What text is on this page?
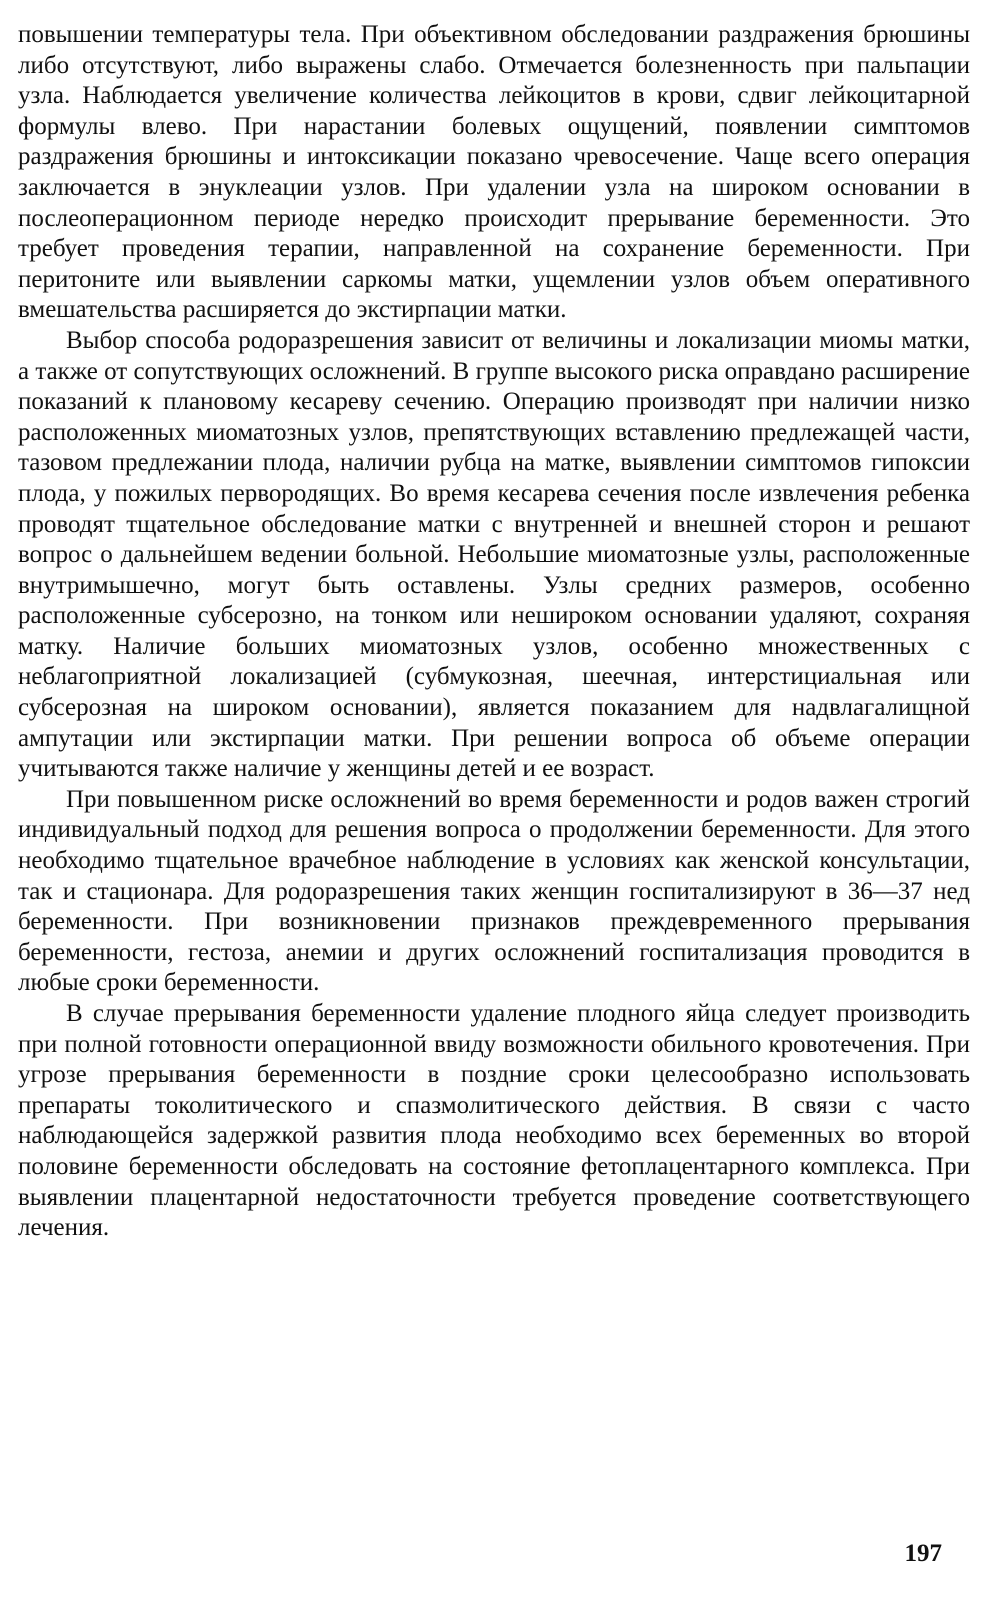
повышении температуры тела. При объективном обследовании раздражения брюшины либо отсутствуют, либо выражены слабо. Отмечается болезненность при пальпации узла. Наблюдается увеличение количества лейкоцитов в крови, сдвиг лейкоцитарной формулы влево. При нарастании болевых ощущений, появлении симптомов раздражения брюшины и интоксикации показано чревосечение. Чаще всего операция заключается в энуклеации узлов. При удалении узла на широком основании в послеоперационном периоде нередко происходит прерывание беременности. Это требует проведения терапии, направленной на сохранение беременности. При перитоните или выявлении саркомы матки, ущемлении узлов объем оперативного вмешательства расширяется до экстирпации матки.

Выбор способа родоразрешения зависит от величины и локализации миомы матки, а также от сопутствующих осложнений. В группе высокого риска оправдано расширение показаний к плановому кесареву сечению. Операцию производят при наличии низко расположенных миоматозных узлов, препятствующих вставлению предлежащей части, тазовом предлежании плода, наличии рубца на матке, выявлении симптомов гипоксии плода, у пожилых первородящих. Во время кесарева сечения после извлечения ребенка проводят тщательное обследование матки с внутренней и внешней сторон и решают вопрос о дальнейшем ведении больной. Небольшие миоматозные узлы, расположенные внутримышечно, могут быть оставлены. Узлы средних размеров, особенно расположенные субсерозно, на тонком или нешироком основании удаляют, сохраняя матку. Наличие больших миоматозных узлов, особенно множественных с неблагоприятной локализацией (субмукозная, шеечная, интерстициальная или субсерозная на широком основании), является показанием для надвлагалищной ампутации или экстирпации матки. При решении вопроса об объеме операции учитываются также наличие у женщины детей и ее возраст.

При повышенном риске осложнений во время беременности и родов важен строгий индивидуальный подход для решения вопроса о продолжении беременности. Для этого необходимо тщательное врачебное наблюдение в условиях как женской консультации, так и стационара. Для родоразрешения таких женщин госпитализируют в 36—37 нед беременности. При возникновении признаков преждевременного прерывания беременности, гестоза, анемии и других осложнений госпитализация проводится в любые сроки беременности.

В случае прерывания беременности удаление плодного яйца следует производить при полной готовности операционной ввиду возможности обильного кровотечения. При угрозе прерывания беременности в поздние сроки целесообразно использовать препараты токолитического и спазмолитического действия. В связи с часто наблюдающейся задержкой развития плода необходимо всех беременных во второй половине беременности обследовать на состояние фетоплацентарного комплекса. При выявлении плацентарной недостаточности требуется проведение соответствующего лечения.

197
